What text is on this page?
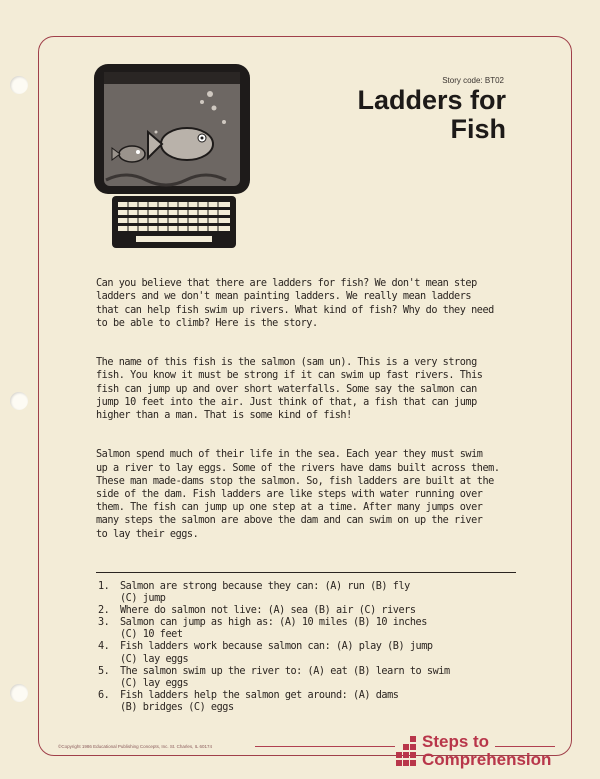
Story code: BT02
Ladders for
Fish

Can you believe that there are ladders for fish? We don't mean step
ladders and we don't mean painting ladders. We really mean ladders
that can help fish swim up rivers. What kind of fish? Why do they need
to be able to climb? Here is the story.

The name of this fish is the salmon (sam un). This is a very strong
fish. You know it must be strong if it can swim up fast rivers. This
fish can jump up and over short waterfalls. Some say the salmon can
jump 10 feet into the air. Just think of that, a fish that can jump
higher than a man. That is some kind of fish!

Salmon spend much of their life in the sea. Each year they must swim
up a river to lay eggs. Some of the rivers have dams built across them.
These man made-dams stop the salmon. So, fish ladders are built at the
side of the dam. Fish ladders are like steps with water running over
them. The fish can jump up one step at a time. After many jumps over
many steps the salmon are above the dam and can swim on up the river
to lay their eggs.

1.	Salmon are strong because they can: (A) run (B) fly
(C) jump
2.	Where do salmon not live: (A) sea (B) air (C) rivers
3.	Salmon can jump as high as: (A) 10 miles (B) 10 inches
(C) 10 feet
4.	Fish ladders work because salmon can: (A) play (B) jump
(C) lay eggs
5.	The salmon swim up the river to: (A) eat (B) learn to swim
(C) lay eggs
6.	Fish ladders help the salmon get around: (A) dams
(B) bridges (C) eggs
©Copyright 1986 Educational Publishing Concepts, Inc. St. Charles, IL 60174	Steps to
Comprehension
